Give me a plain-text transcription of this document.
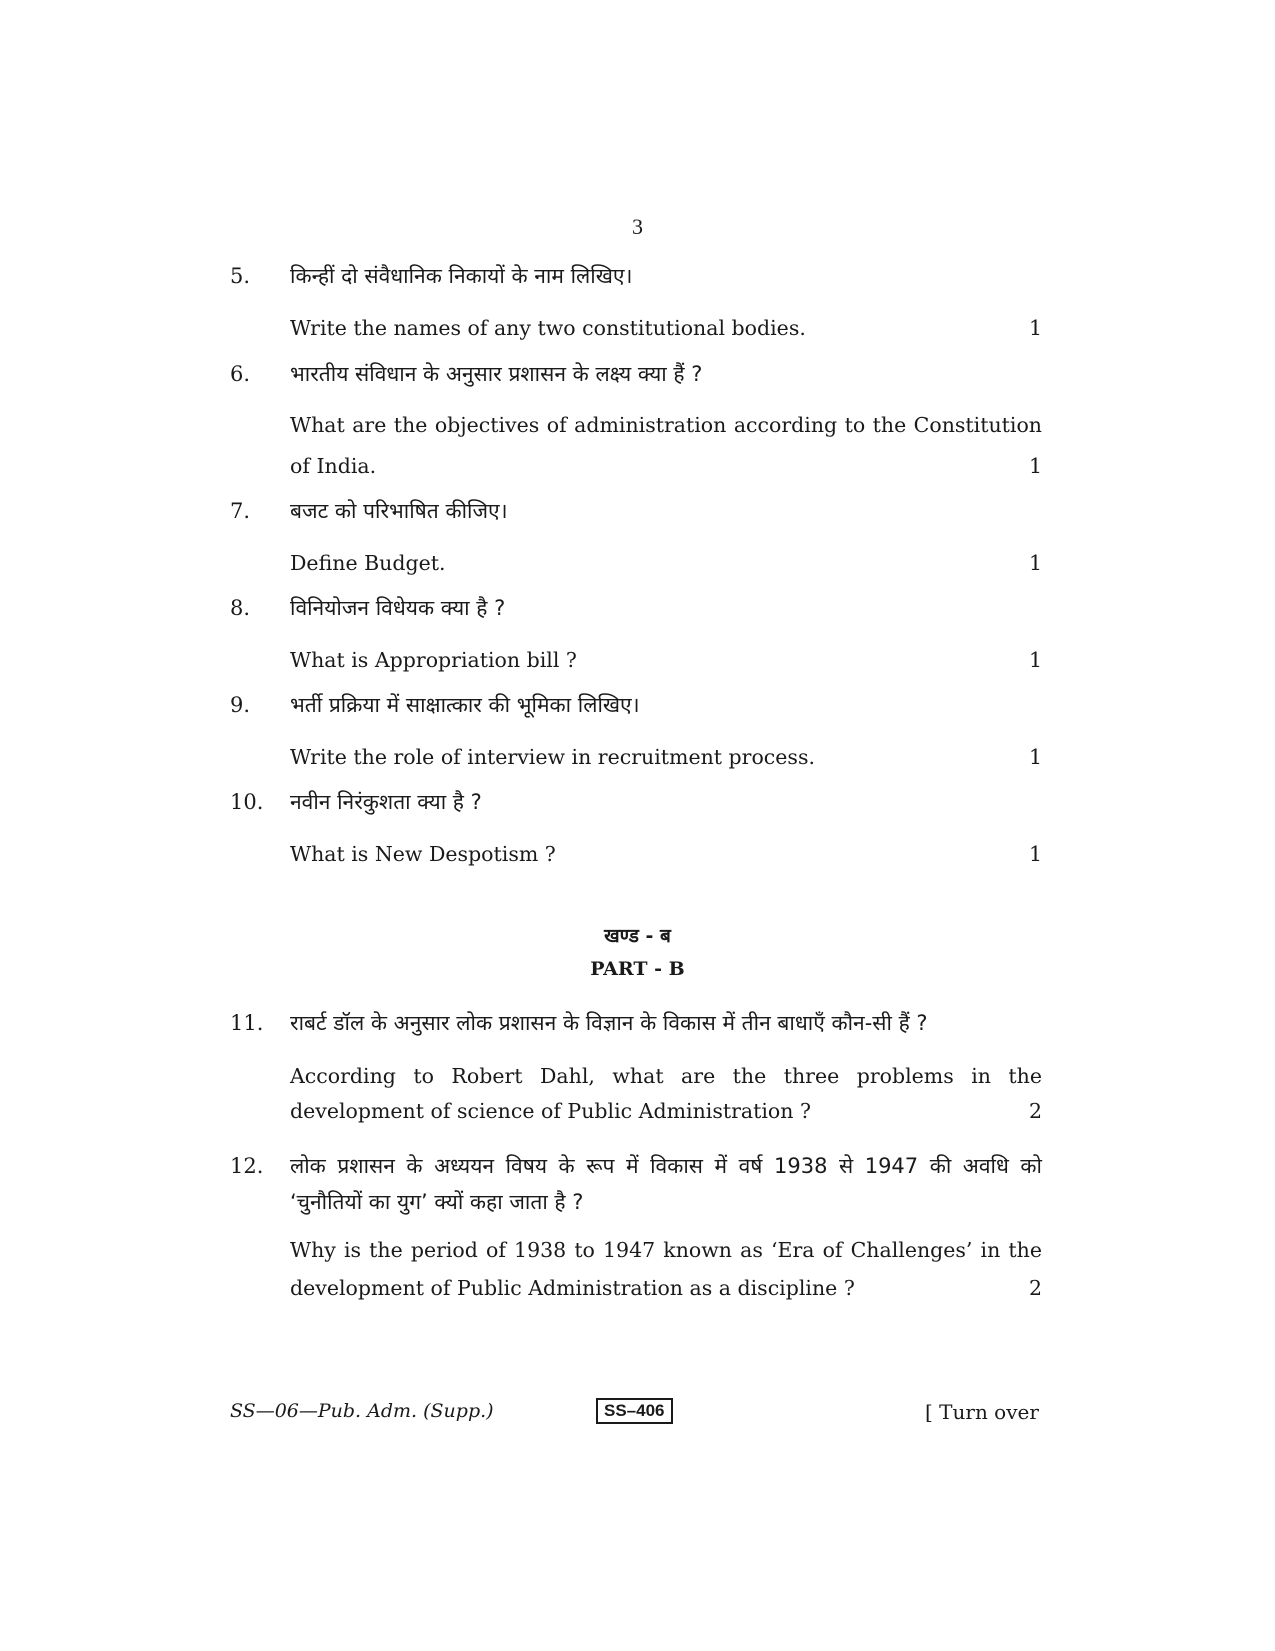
3
5. किन्हीं दो संवैधानिक निकायों के नाम लिखिए।
Write the names of any two constitutional bodies.	1
6. भारतीय संविधान के अनुसार प्रशासन के लक्ष्य क्या हैं ?
What are the objectives of administration according to the Constitution
of India.	1
7. बजट को परिभाषित कीजिए।
Define Budget.	1
8. विनियोजन विधेयक क्या है ?
What is Appropriation bill ?	1
9. भर्ती प्रक्रिया में साक्षात्कार की भूमिका लिखिए।
Write the role of interview in recruitment process.	1
10. नवीन निरंकुशता क्या है ?
What is New Despotism ?	1
खण्ड - ब
PART - B
11. राबर्ट डॉल के अनुसार लोक प्रशासन के विज्ञान के विकास में तीन बाधाएँ कौन-सी हैं ?
According to Robert Dahl, what are the three problems in the
development of science of Public Administration ?	2
12. लोक प्रशासन के अध्ययन विषय के रूप में विकास में वर्ष 1938 से 1947 की अवधि को
‘चुनौतियों का युग’ क्यों कहा जाता है ?
Why is the period of 1938 to 1947 known as ‘Era of Challenges’ in the
development of Public Administration as a discipline ?	2
SS—06—Pub. Adm. (Supp.)	SS–406	[ Turn over
